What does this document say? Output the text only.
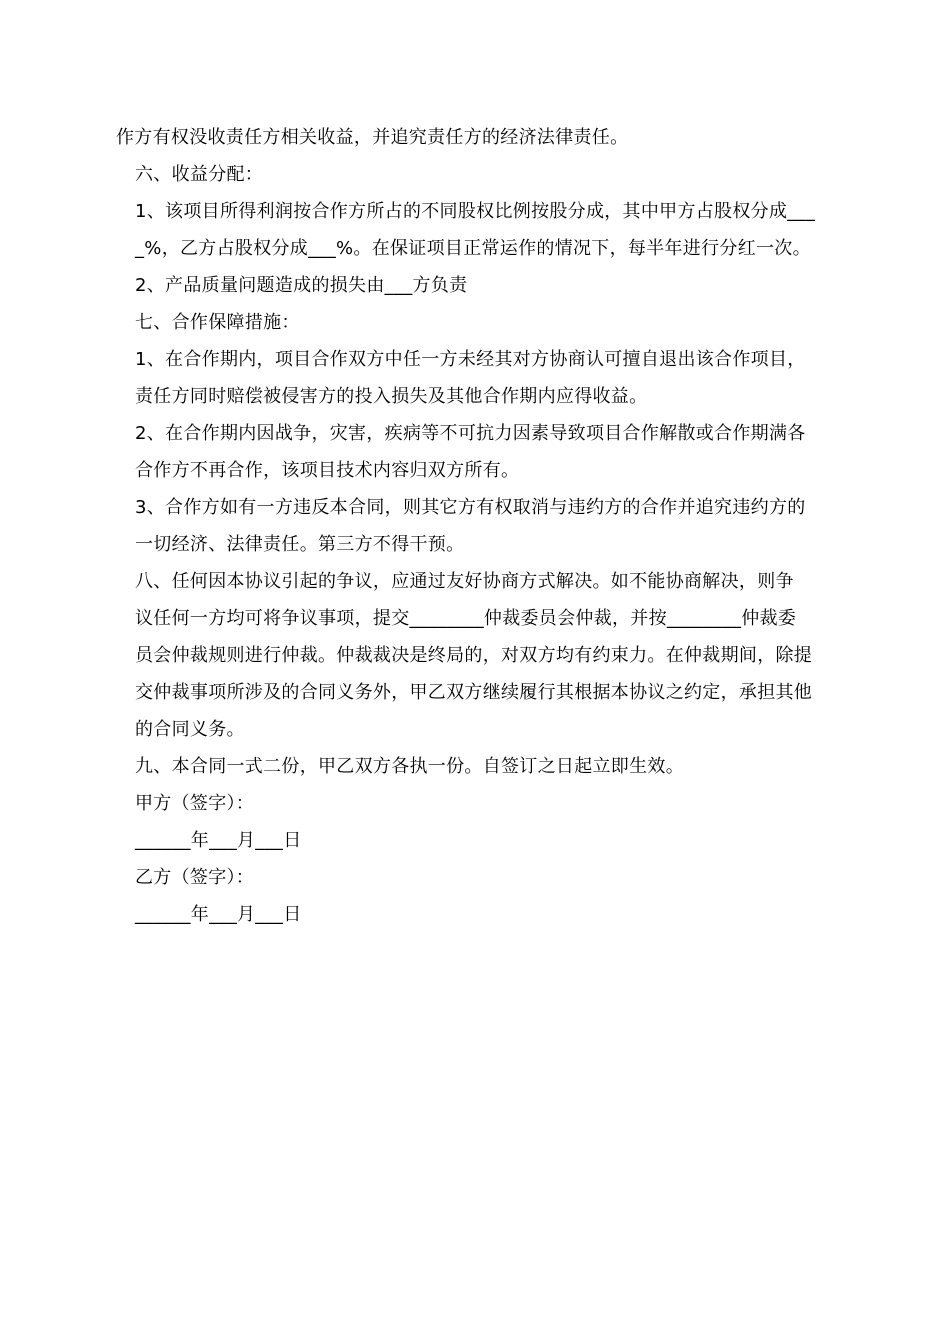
作方有权没收责任方相关收益，并追究责任方的经济法律责任。

六、收益分配：

1、该项目所得利润按合作方所占的不同股权比例按股分成，其中甲方占股权分成___
_%，乙方占股权分成___%。在保证项目正常运作的情况下，每半年进行分红一次。

2、产品质量问题造成的损失由___方负责

七、合作保障措施：

1、在合作期内，项目合作双方中任一方未经其对方协商认可擅自退出该合作项目，
责任方同时赔偿被侵害方的投入损失及其他合作期内应得收益。

2、在合作期内因战争，灾害，疾病等不可抗力因素导致项目合作解散或合作期满各
合作方不再合作，该项目技术内容归双方所有。

3、合作方如有一方违反本合同，则其它方有权取消与违约方的合作并追究违约方的
一切经济、法律责任。第三方不得干预。

八、任何因本协议引起的争议，应通过友好协商方式解决。如不能协商解决，则争
议任何一方均可将争议事项，提交________仲裁委员会仲裁，并按________仲裁委
员会仲裁规则进行仲裁。仲裁裁决是终局的，对双方均有约束力。在仲裁期间，除提
交仲裁事项所涉及的合同义务外，甲乙双方继续履行其根据本协议之约定，承担其他
的合同义务。

九、本合同一式二份，甲乙双方各执一份。自签订之日起立即生效。

甲方（签字）：

______年___月___日

乙方（签字）：

______年___月___日
